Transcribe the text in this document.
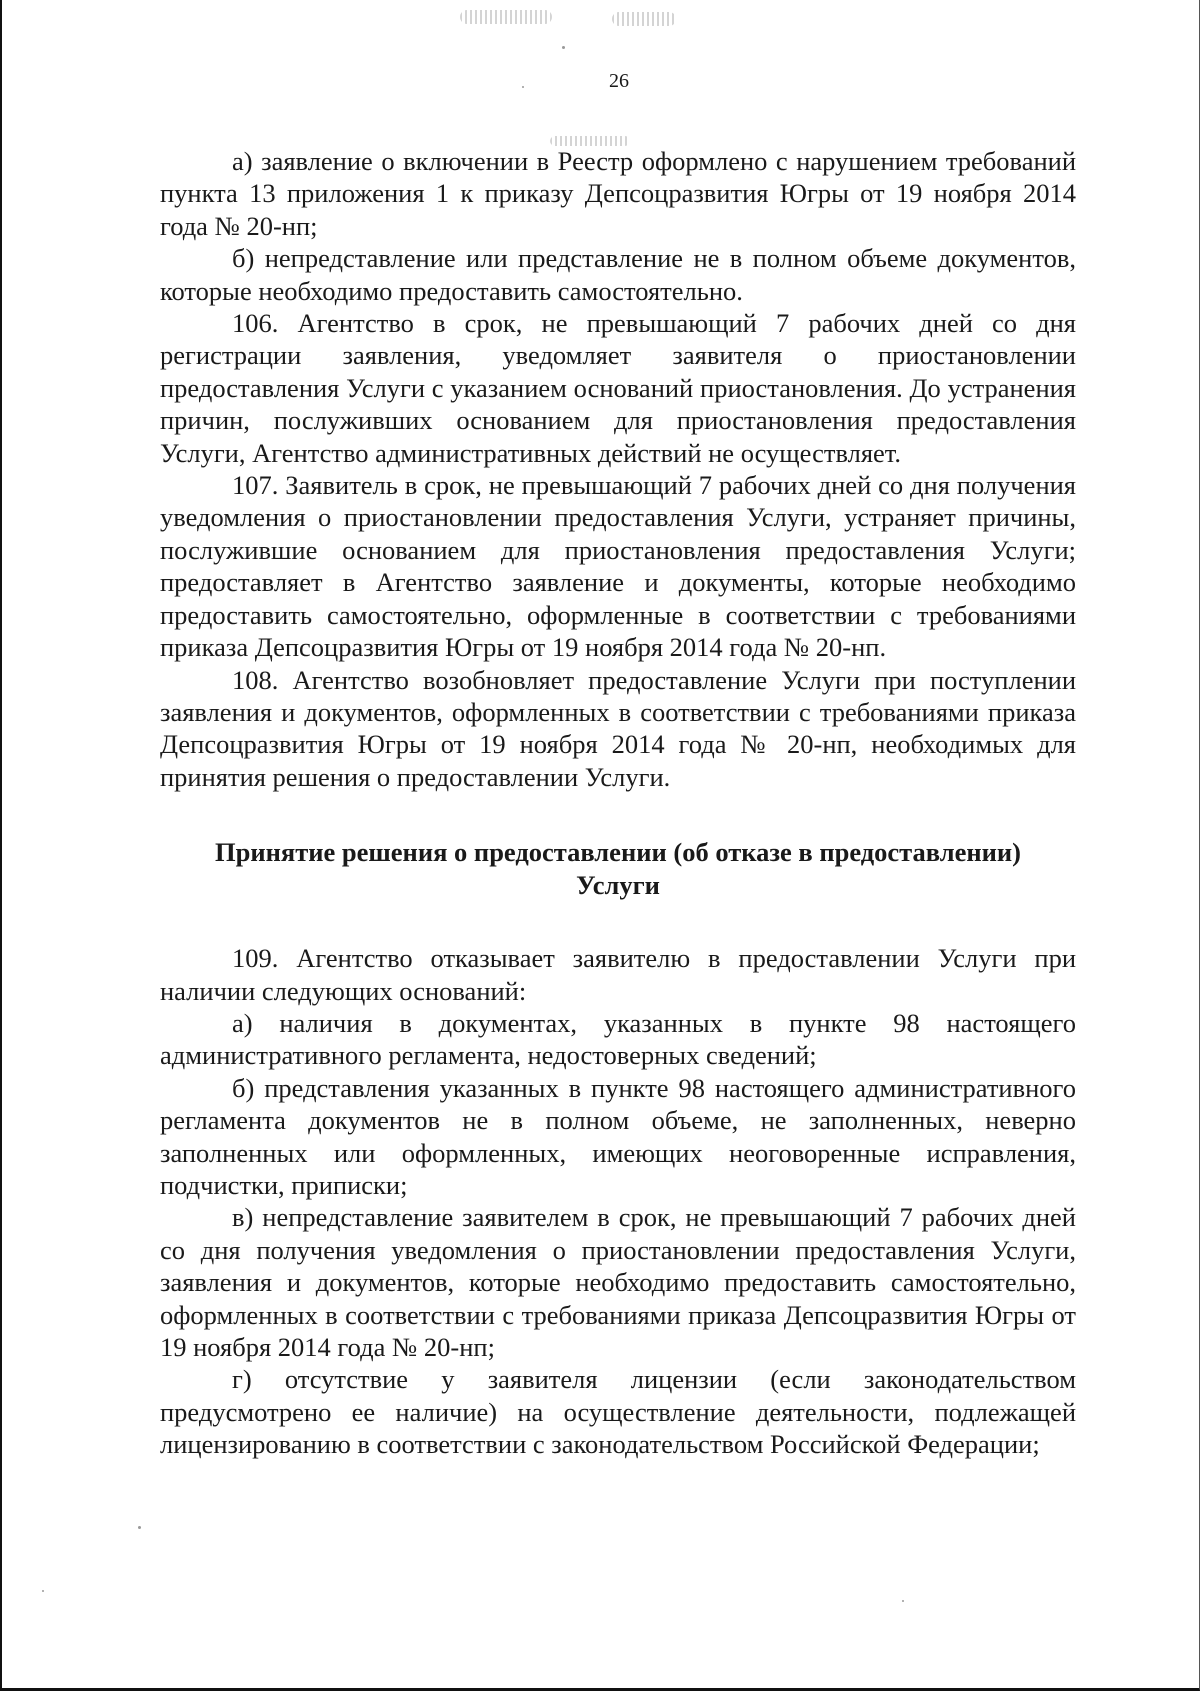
26

а) заявление о включении в Реестр оформлено с нарушением требований пункта 13 приложения 1 к приказу Депсоцразвития Югры от 19 ноября 2014 года № 20-нп;

б) непредставление или представление не в полном объеме документов, которые необходимо предоставить самостоятельно.

106. Агентство в срок, не превышающий 7 рабочих дней со дня регистрации заявления, уведомляет заявителя о приостановлении предоставления Услуги с указанием оснований приостановления. До устранения причин, послуживших основанием для приостановления предоставления Услуги, Агентство административных действий не осуществляет.

107. Заявитель в срок, не превышающий 7 рабочих дней со дня получения уведомления о приостановлении предоставления Услуги, устраняет причины, послужившие основанием для приостановления предоставления Услуги; предоставляет в Агентство заявление и документы, которые необходимо предоставить самостоятельно, оформленные в соответствии с требованиями приказа Депсоцразвития Югры от 19 ноября 2014 года № 20-нп.

108. Агентство возобновляет предоставление Услуги при поступлении заявления и документов, оформленных в соответствии с требованиями приказа Депсоцразвития Югры от 19 ноября 2014 года № 20-нп, необходимых для принятия решения о предоставлении Услуги.

Принятие решения о предоставлении (об отказе в предоставлении)
Услуги

109. Агентство отказывает заявителю в предоставлении Услуги при наличии следующих оснований:

а) наличия в документах, указанных в пункте 98 настоящего административного регламента, недостоверных сведений;

б) представления указанных в пункте 98 настоящего административного регламента документов не в полном объеме, не заполненных, неверно заполненных или оформленных, имеющих неоговоренные исправления, подчистки, приписки;

в) непредставление заявителем в срок, не превышающий 7 рабочих дней со дня получения уведомления о приостановлении предоставления Услуги, заявления и документов, которые необходимо предоставить самостоятельно, оформленных в соответствии с требованиями приказа Депсоцразвития Югры от 19 ноября 2014 года № 20-нп;

г) отсутствие у заявителя лицензии (если законодательством предусмотрено ее наличие) на осуществление деятельности, подлежащей лицензированию в соответствии с законодательством Российской Федерации;
